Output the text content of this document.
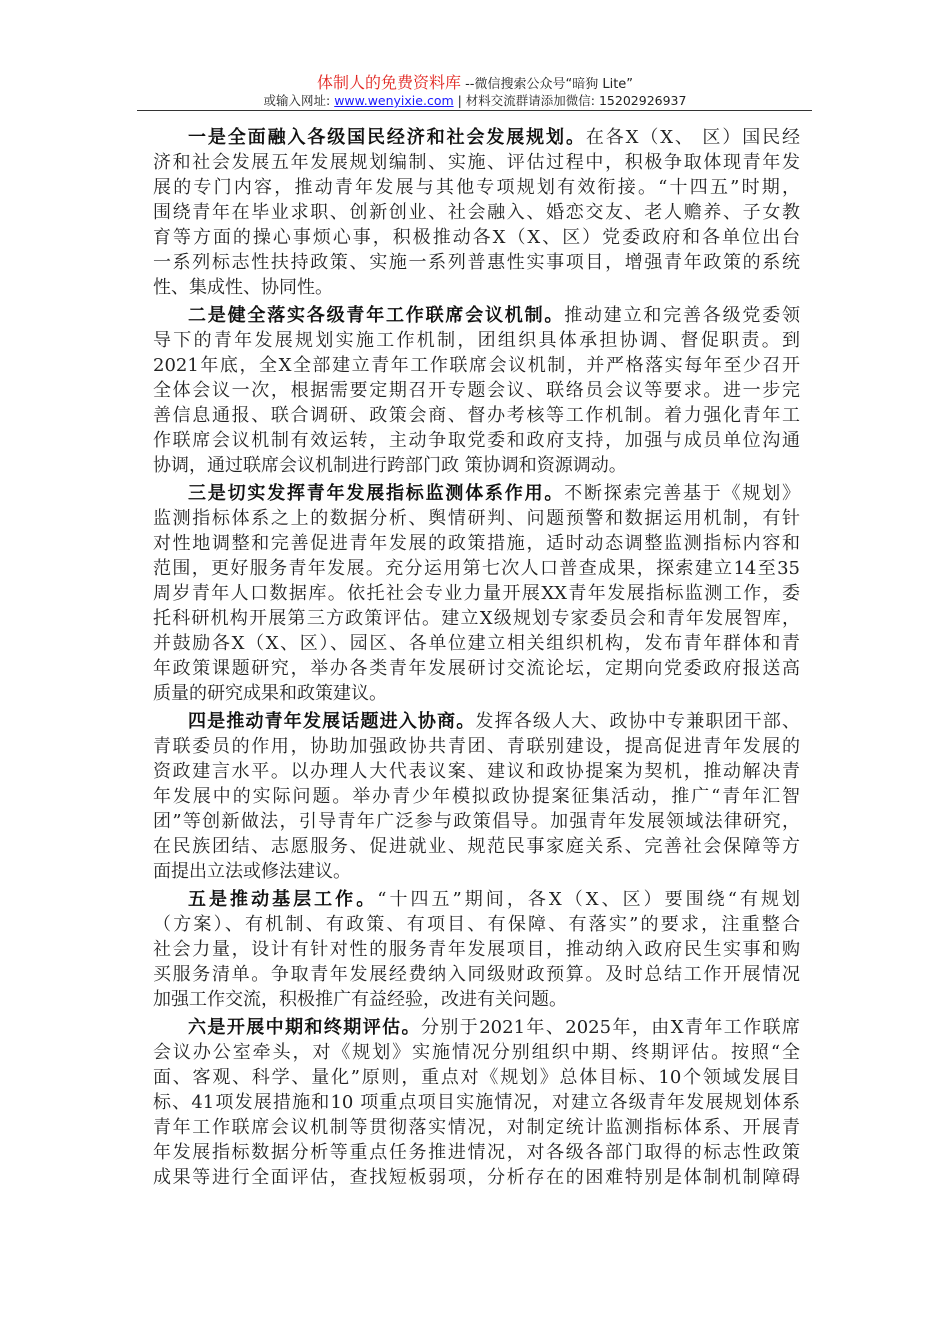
体制人的免费资料库 --微信搜索公众号“暗狗 Lite”
或输入网址: www.wenyixie.com | 材料交流群请添加微信: 15202926937
一是全面融入各级国民经济和社会发展规划。在各X（X、 区）国民经
济和社会发展五年发展规划编制、实施、评估过程中，积极争取体现青年发
展的专门内容，推动青年发展与其他专项规划有效衔接。“十四五”时期，
围绕青年在毕业求职、创新创业、社会融入、婚恋交友、老人赡养、子女教
育等方面的操心事烦心事，积极推动各X（X、区）党委政府和各单位出台
一系列标志性扶持政策、实施一系列普惠性实事项目，增强青年政策的系统
性、集成性、协同性。
二是健全落实各级青年工作联席会议机制。推动建立和完善各级党委领
导下的青年发展规划实施工作机制，团组织具体承担协调、督促职责。到
2021年底，全X全部建立青年工作联席会议机制，并严格落实每年至少召开
全体会议一次，根据需要定期召开专题会议、联络员会议等要求。进一步完
善信息通报、联合调研、政策会商、督办考核等工作机制。着力强化青年工
作联席会议机制有效运转，主动争取党委和政府支持，加强与成员单位沟通
协调，通过联席会议机制进行跨部门政 策协调和资源调动。
三是切实发挥青年发展指标监测体系作用。不断探索完善基于《规划》
监测指标体系之上的数据分析、舆情研判、问题预警和数据运用机制，有针
对性地调整和完善促进青年发展的政策措施，适时动态调整监测指标内容和
范围，更好服务青年发展。充分运用第七次人口普查成果，探索建立14至35
周岁青年人口数据库。依托社会专业力量开展XX青年发展指标监测工作，委
托科研机构开展第三方政策评估。建立X级规划专家委员会和青年发展智库，
并鼓励各X（X、区）、园区、各单位建立相关组织机构，发布青年群体和青
年政策课题研究，举办各类青年发展研讨交流论坛，定期向党委政府报送高
质量的研究成果和政策建议。
四是推动青年发展话题进入协商。发挥各级人大、政协中专兼职团干部、
青联委员的作用，协助加强政协共青团、青联别建设，提高促进青年发展的
资政建言水平。以办理人大代表议案、建议和政协提案为契机，推动解决青
年发展中的实际问题。举办青少年模拟政协提案征集活动，推广“青年汇智
团”等创新做法，引导青年广泛参与政策倡导。加强青年发展领域法律研究，
在民族团结、志愿服务、促进就业、规范民事家庭关系、完善社会保障等方
面提出立法或修法建议。
五是推动基层工作。“十四五”期间，各X（X、区）要围绕“有规划
（方案）、有机制、有政策、有项目、有保障、有落实”的要求，注重整合
社会力量，设计有针对性的服务青年发展项目，推动纳入政府民生实事和购
买服务清单。争取青年发展经费纳入同级财政预算。及时总结工作开展情况
加强工作交流，积极推广有益经验，改进有关问题。
六是开展中期和终期评估。分别于2021年、2025年，由X青年工作联席
会议办公室牵头，对《规划》实施情况分别组织中期、终期评估。按照“全
面、客观、科学、量化”原则，重点对《规划》总体目标、10个领域发展目
标、41项发展措施和10 项重点项目实施情况，对建立各级青年发展规划体系
青年工作联席会议机制等贯彻落实情况，对制定统计监测指标体系、开展青
年发展指标数据分析等重点任务推进情况，对各级各部门取得的标志性政策
成果等进行全面评估，查找短板弱项，分析存在的困难特别是体制机制障碍
